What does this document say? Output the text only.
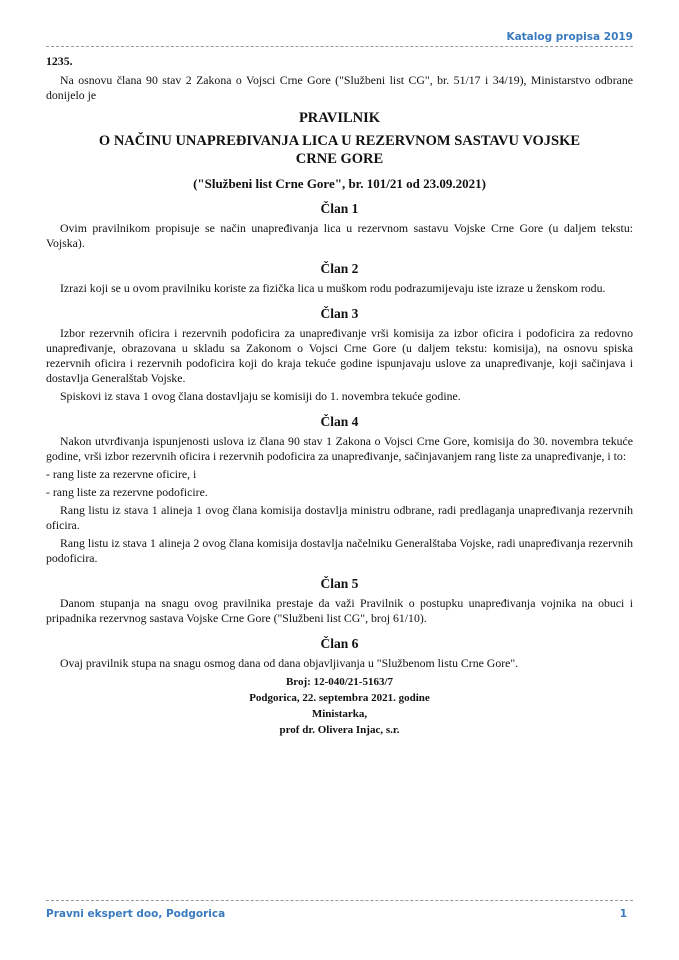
Katalog propisa 2019
1235.

Na osnovu člana 90 stav 2 Zakona o Vojsci Crne Gore ("Službeni list CG", br. 51/17 i 34/19), Ministarstvo odbrane donijelo je

PRAVILNIK
O NAČINU UNAPREĐIVANJA LICA U REZERVNOM SASTAVU VOJSKE
CRNE GORE
("Službeni list Crne Gore", br. 101/21 od 23.09.2021)
Član 1

Ovim pravilnikom propisuje se način unapređivanja lica u rezervnom sastavu Vojske Crne Gore (u daljem tekstu: Vojska).

Član 2

Izrazi koji se u ovom pravilniku koriste za fizička lica u muškom rodu podrazumijevaju iste izraze u ženskom rodu.

Član 3

Izbor rezervnih oficira i rezervnih podoficira za unapređivanje vrši komisija za izbor oficira i podoficira za redovno unapređivanje, obrazovana u skladu sa Zakonom o Vojsci Crne Gore (u daljem tekstu: komisija), na osnovu spiska rezervnih oficira i rezervnih podoficira koji do kraja tekuće godine ispunjavaju uslove za unapređivanje, koji sačinjava i dostavlja Generalštab Vojske.

Spiskovi iz stava 1 ovog člana dostavljaju se komisiji do 1. novembra tekuće godine.

Član 4

Nakon utvrđivanja ispunjenosti uslova iz člana 90 stav 1 Zakona o Vojsci Crne Gore, komisija do 30. novembra tekuće godine, vrši izbor rezervnih oficira i rezervnih podoficira za unapređivanje, sačinjavanjem rang liste za unapređivanje, i to:

- rang liste za rezervne oficire, i

- rang liste za rezervne podoficire.

Rang listu iz stava 1 alineja 1 ovog člana komisija dostavlja ministru odbrane, radi predlaganja unapređivanja rezervnih oficira.

Rang listu iz stava 1 alineja 2 ovog člana komisija dostavlja načelniku Generalštaba Vojske, radi unapređivanja rezervnih podoficira.

Član 5

Danom stupanja na snagu ovog pravilnika prestaje da važi Pravilnik o postupku unapređivanja vojnika na obuci i pripadnika rezervnog sastava Vojske Crne Gore ("Službeni list CG", broj 61/10).

Član 6

Ovaj pravilnik stupa na snagu osmog dana od dana objavljivanja u "Službenom listu Crne Gore".

Broj: 12-040/21-5163/7
Podgorica, 22. septembra 2021. godine
Ministarka,
prof dr. Olivera Injac, s.r.
Pravni ekspert doo, Podgorica	1
